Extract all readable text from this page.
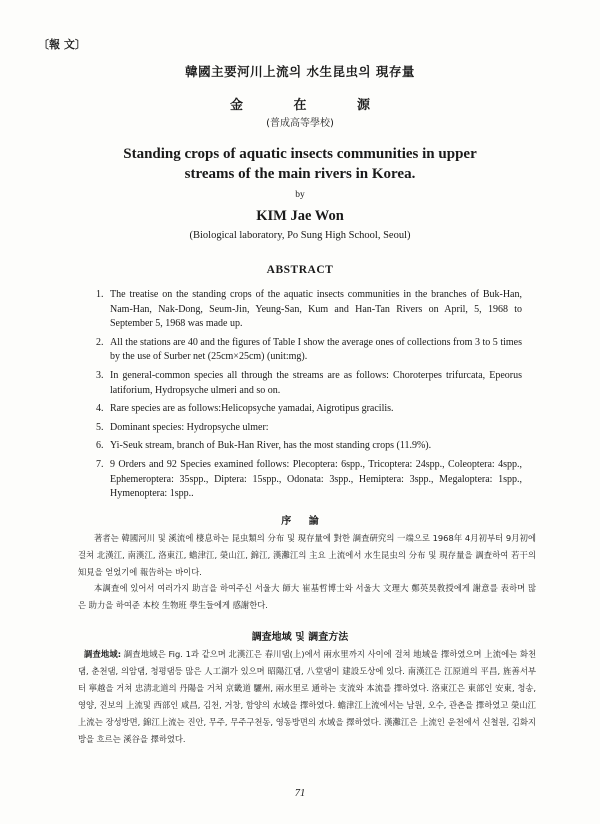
〔報 文〕
韓國主要河川上流의 水生昆虫의 現存量
金 在 源
(普成高等學校)
Standing crops of aquatic insects communities in upper
streams of the main rivers in Korea.
by
KIM Jae Won
(Biological laboratory, Po Sung High School, Seoul)
ABSTRACT
1. The treatise on the standing crops of the aquatic insects communities in the branches of Buk-Han, Nam-Han, Nak-Dong, Seum-Jin, Yeung-San, Kum and Han-Tan Rivers on April, 5, 1968 to September 5, 1968 was made up.
2. All the stations are 40 and the figures of Table I show the average ones of collections from 3 to 5 times by the use of Surber net (25cm×25cm) (unit:mg).
3. In general-common species all through the streams are as follows: Choroterpes trifurcata, Epeorus latiforium, Hydropsyche ulmeri and so on.
4. Rare species are as follows:Helicopsyche yamadai, Aigrotipus gracilis.
5. Dominant species: Hydropsyche ulmer:
6. Yi-Seuk stream, branch of Buk-Han River, has the most standing crops (11.9%).
7. 9 Orders and 92 Species examined follows: Plecoptera: 6spp., Tricoptera: 24spp., Coleoptera: 4spp., Ephemeroptera: 35spp., Diptera: 15spp., Odonata: 3spp., Hemiptera: 3spp., Megaloptera: 1spp., Hymenoptera: 1spp..
序 論

著者는 韓國河川 및 溪流에 棲息하는 昆虫類의 分布 및 現存量에 對한 調査硏究의 一端으로 1968年 4月初부터 9月初에 걸쳐 北漢江, 南漢江, 洛東江, 蟾津江, 榮山江, 錦江, 漢灘江의 主요 上流에서 水生昆虫의 分布 및 現存量을 調査하여 若干의 知見을 얻었기에 報告하는 바이다.

本調査에 있어서 여러가지 助言을 하여주신 서울大 師大 崔基哲博士와 서울大 文理大 鄭英昊敎授에게 謝意를 表하며 많은 助力을 하여준 本校 生物班 學生들에게 感謝한다.

調査地域 및 調査方法

調査地域: 調査地域은 Fig. 1과 같으며 北漢江은 春川댐(上)에서 兩水里까지 사이에 걸쳐 地域을 擇하였으며 上流에는 화천댐, 춘천댐, 의암댐, 청평댐등 많은 人工湖가 있으며 昭陽江댐, 八堂댐이 建設도상에 있다. 南漢江은 江原道의 平昌, 旌善서부터 寧越을 거쳐 忠淸北道의 丹陽을 거쳐 京畿道 驪州, 兩水里로 通하는 支流와 本流를 擇하였다. 洛東江은 東部인 安東, 청송, 영양, 진보의 上流및 西部인 咸昌, 김천, 거창, 함양의 水域을 擇하였다. 蟾津江上流에서는 남원, 오수, 관촌을 擇하였고 榮山江上流는 장성방면, 錦江上流는 진안, 무주, 무주구천동, 영동방면의 水域을 擇하였다. 漢灘江은 上流인 운천에서 신철원, 김화지방을 흐르는 溪谷을 擇하였다.

71
